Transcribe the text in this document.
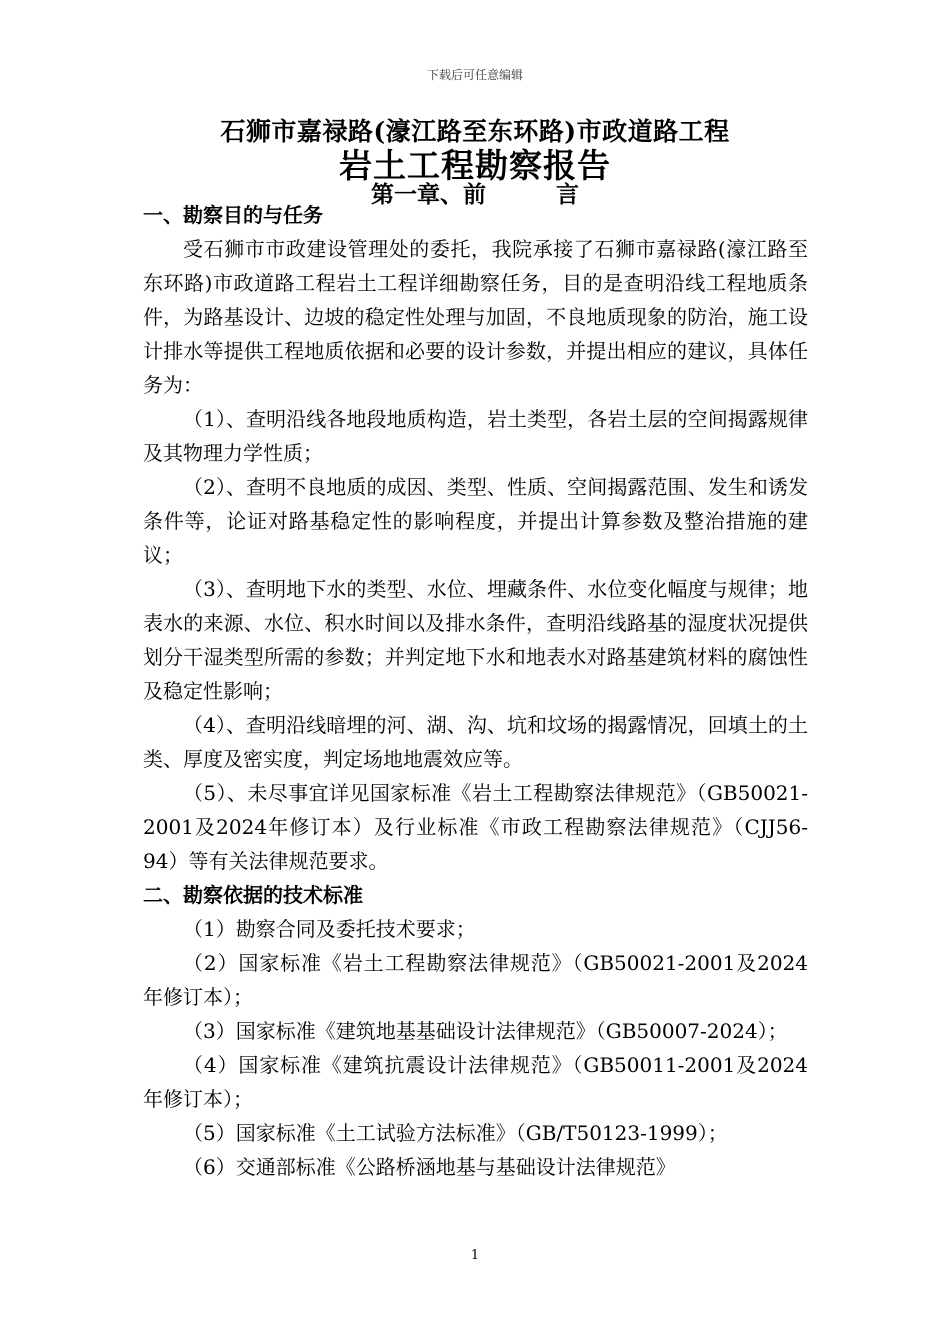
下载后可任意编辑
石狮市嘉禄路(濠江路至东环路)市政道路工程
岩土工程勘察报告
第一章、前	言
一、勘察目的与任务

受石狮市市政建设管理处的委托，我院承接了石狮市嘉禄路(濠江路至东环路)市政道路工程岩土工程详细勘察任务，目的是查明沿线工程地质条件，为路基设计、边坡的稳定性处理与加固，不良地质现象的防治，施工设计排水等提供工程地质依据和必要的设计参数，并提出相应的建议，具体任务为：

（1）、查明沿线各地段地质构造，岩土类型，各岩土层的空间揭露规律及其物理力学性质；

（2）、查明不良地质的成因、类型、性质、空间揭露范围、发生和诱发条件等，论证对路基稳定性的影响程度，并提出计算参数及整治措施的建议；

（3）、查明地下水的类型、水位、埋藏条件、水位变化幅度与规律；地表水的来源、水位、积水时间以及排水条件，查明沿线路基的湿度状况提供划分干湿类型所需的参数；并判定地下水和地表水对路基建筑材料的腐蚀性及稳定性影响；

（4）、查明沿线暗埋的河、湖、沟、坑和坟场的揭露情况，回填土的土类、厚度及密实度，判定场地地震效应等。

（5）、未尽事宜详见国家标准《岩土工程勘察法律规范》（GB50021-2001及2024年修订本）及行业标准《市政工程勘察法律规范》（CJJ56-94）等有关法律规范要求。

二、勘察依据的技术标准

（1）勘察合同及委托技术要求；

（2）国家标准《岩土工程勘察法律规范》（GB50021-2001及2024年修订本）；

（3）国家标准《建筑地基基础设计法律规范》（GB50007-2024）；

（4）国家标准《建筑抗震设计法律规范》（GB50011-2001及2024年修订本）；

（5）国家标准《土工试验方法标准》（GB/T50123-1999）；

（6）交通部标准《公路桥涵地基与基础设计法律规范》

1
